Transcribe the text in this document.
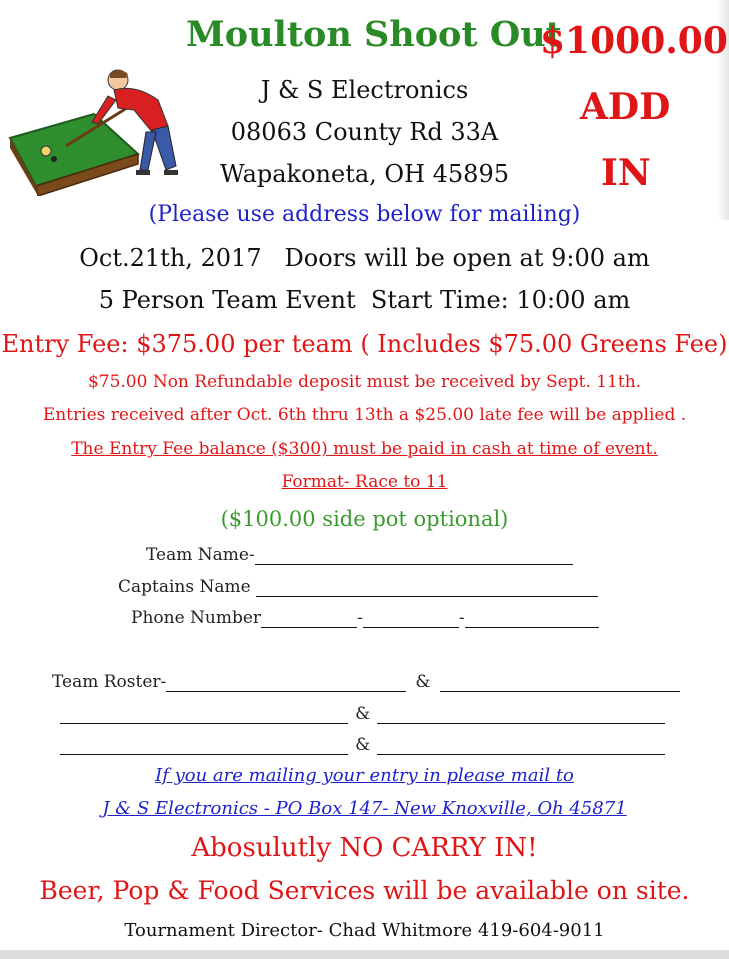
Moulton Shoot Out
$1000.00
ADD
IN
J & S Electronics
08063 County Rd 33A
Wapakoneta, OH 45895
(Please use address below for mailing)
Oct.21th, 2017   Doors will be open at 9:00 am
5 Person Team Event  Start Time: 10:00 am
Entry Fee: $375.00 per team ( Includes $75.00 Greens Fee)
$75.00 Non Refundable deposit must be received by Sept. 11th.
Entries received after Oct. 6th thru 13th a $25.00 late fee will be applied .
The Entry Fee balance ($300) must be paid in cash at time of event.
Format- Race to 11
($100.00 side pot optional)
Team Name-
Captains Name
Phone Number	-	-
Team Roster-	&
&
&
If you are mailing your entry in please mail to
J & S Electronics - PO Box 147- New Knoxville, Oh 45871
Abosulutly NO CARRY IN!
Beer, Pop & Food Services will be available on site.
Tournament Director- Chad Whitmore 419-604-9011
